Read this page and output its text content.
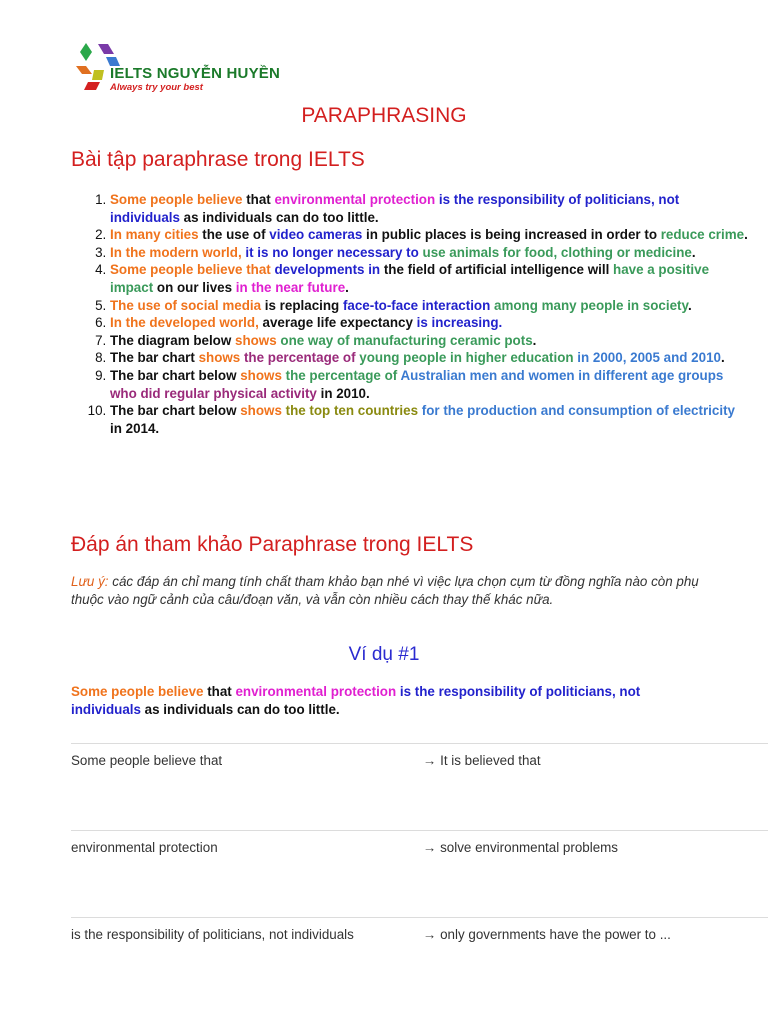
IELTS NGUYỄN HUYỀN
Always try your best
PARAPHRASING
Bài tập paraphrase trong IELTS
1. Some people believe that environmental protection is the responsibility of politicians, not individuals as individuals can do too little.
2. In many cities the use of video cameras in public places is being increased in order to reduce crime.
3. In the modern world, it is no longer necessary to use animals for food, clothing or medicine.
4. Some people believe that developments in the field of artificial intelligence will have a positive impact on our lives in the near future.
5. The use of social media is replacing face-to-face interaction among many people in society.
6. In the developed world, average life expectancy is increasing.
7. The diagram below shows one way of manufacturing ceramic pots.
8. The bar chart shows the percentage of young people in higher education in 2000, 2005 and 2010.
9. The bar chart below shows the percentage of Australian men and women in different age groups who did regular physical activity in 2010.
10. The bar chart below shows the top ten countries for the production and consumption of electricity in 2014.
Đáp án tham khảo Paraphrase trong IELTS
Lưu ý: các đáp án chỉ mang tính chất tham khảo bạn nhé vì việc lựa chọn cụm từ đồng nghĩa nào còn phụ thuộc vào ngữ cảnh của câu/đoạn văn, và vẫn còn nhiều cách thay thế khác nữa.
Ví dụ #1
Some people believe that environmental protection is the responsibility of politicians, not individuals as individuals can do too little.
Some people believe that	→ It is believed that
environmental protection	→ solve environmental problems
is the responsibility of politicians, not individuals	→ only governments have the power to ...
